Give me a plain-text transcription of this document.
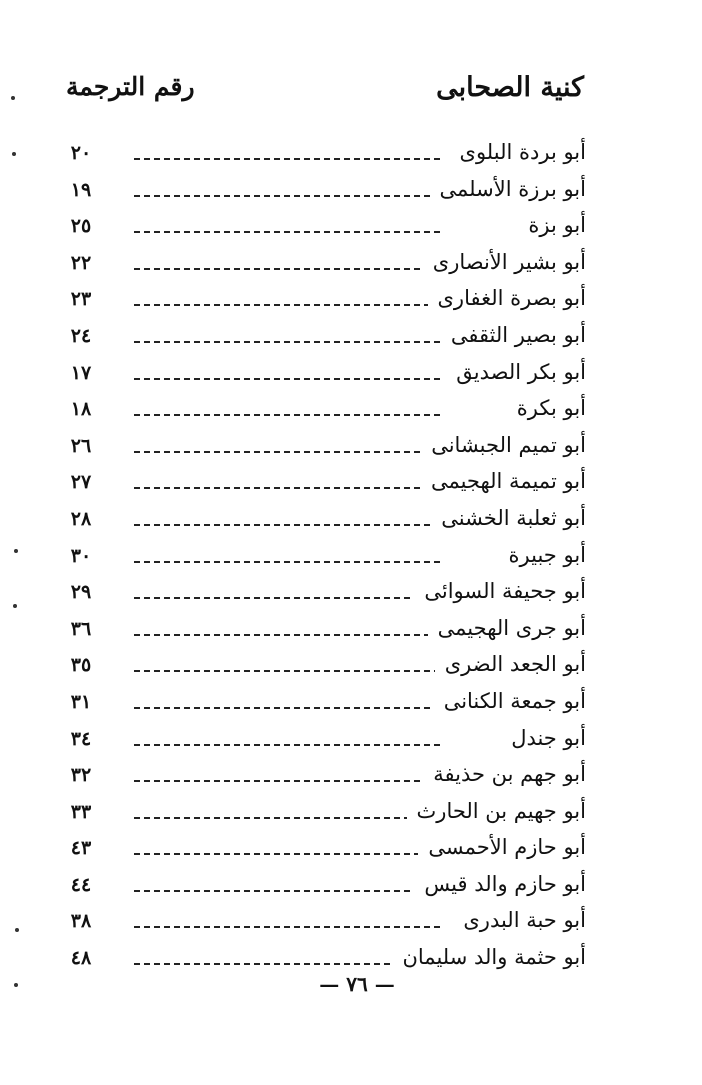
كنية الصحابى
رقم الترجمة
أبو بردة البلوى
٢٠
أبو برزة الأسلمى
١٩
أبو بزة
٢٥
أبو بشير الأنصارى
٢٢
أبو بصرة الغفارى
٢٣
أبو بصير الثقفى
٢٤
أبو بكر الصديق
١٧
أبو بكرة
١٨
أبو تميم الجبشانى
٢٦
أبو تميمة الهجيمى
٢٧
أبو ثعلبة الخشنى
٢٨
أبو جبيرة
٣٠
أبو جحيفة السوائى
٢٩
أبو جرى الهجيمى
٣٦
أبو الجعد الضرى
٣٥
أبو جمعة الكنانى
٣١
أبو جندل
٣٤
أبو جهم بن حذيفة
٣٢
أبو جهيم بن الحارث
٣٣
أبو حازم الأحمسى
٤٣
أبو حازم والد قيس
٤٤
أبو حبة البدرى
٣٨
أبو حثمة والد سليمان
٤٨
— ٧٦ —
